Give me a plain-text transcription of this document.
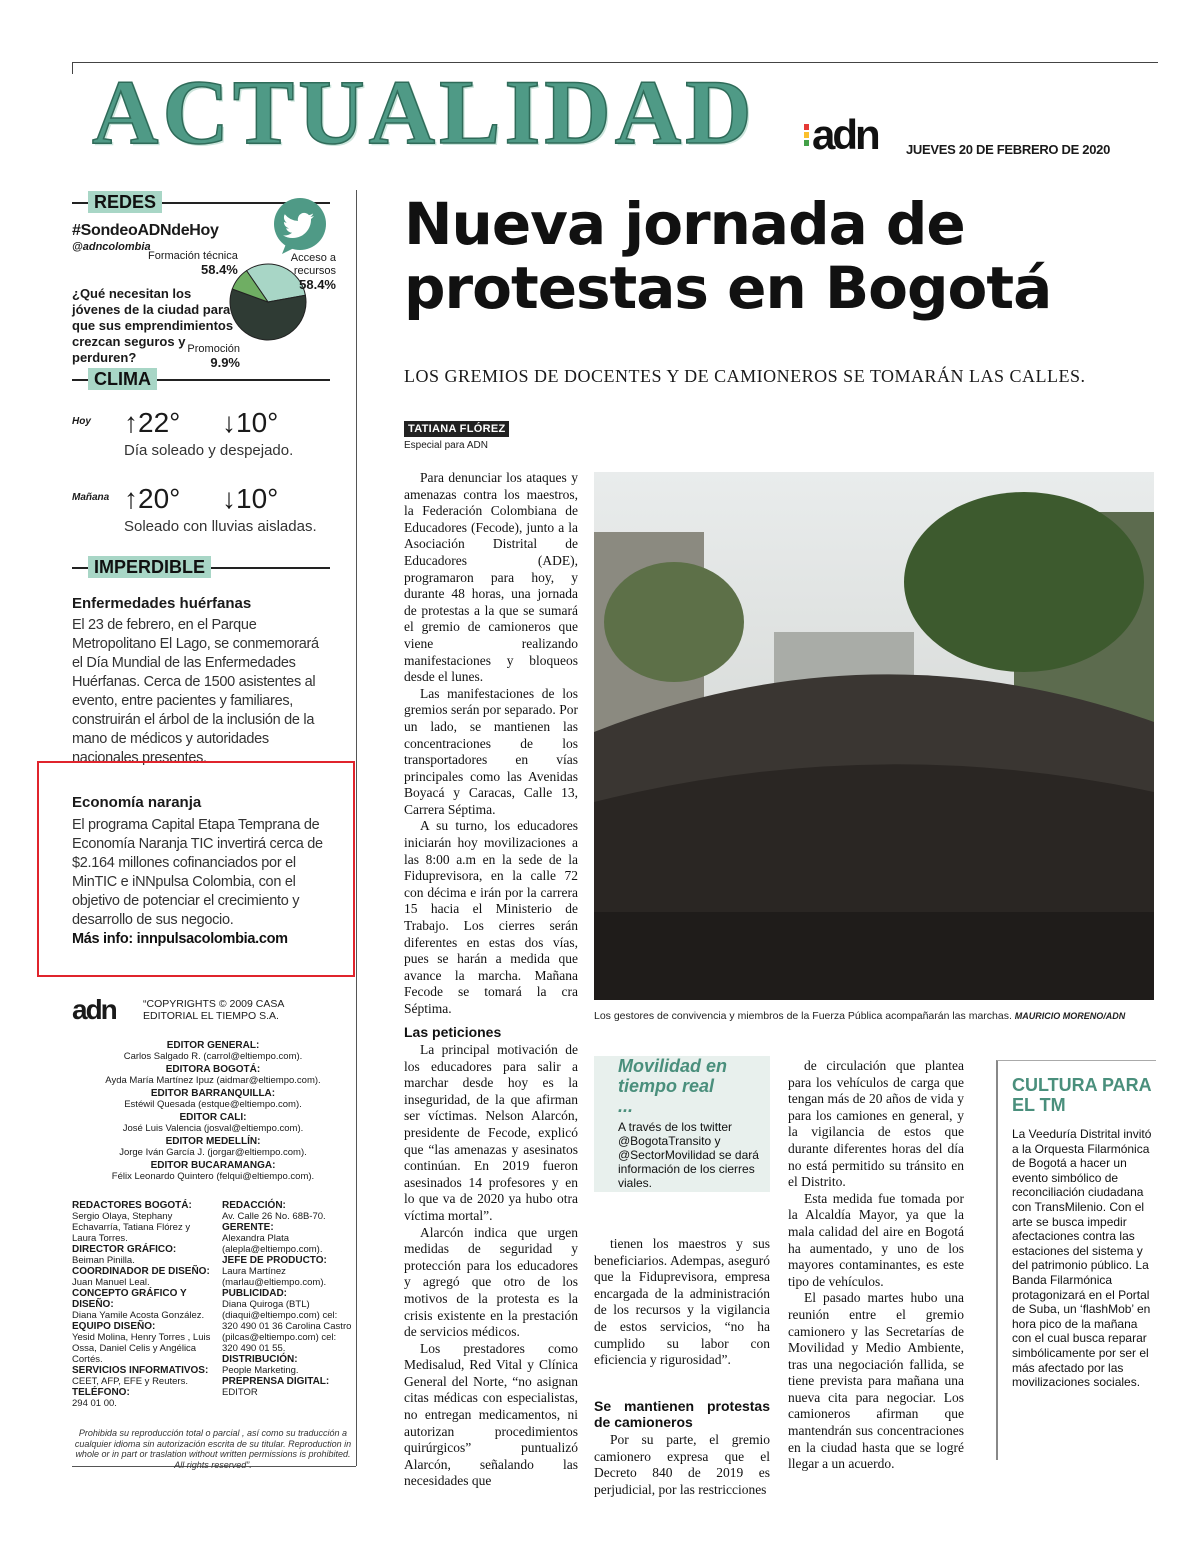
ACTUALIDAD adn JUEVES 20 DE FEBRERO DE 2020
REDES
#SondeoADNdeHoy
@adncolombia
¿Qué necesitan los jóvenes de la ciudad para que sus emprendimientos crezcan seguros y perduren?
Formación técnica
58.4%
Acceso a recursos
58.4%
Promoción
9.9%
CLIMA
Hoy ↑22° ↓10°
Día soleado y despejado.
Mañana ↑20° ↓10°
Soleado con lluvias aisladas.
IMPERDIBLE
Enfermedades huérfanas
El 23 de febrero, en el Parque Metropolitano El Lago, se conmemorará el Día Mundial de las Enfermedades Huérfanas. Cerca de 1500 asistentes al evento, entre pacientes y familiares, construirán el árbol de la inclusión de la mano de médicos y autoridades nacionales presentes.
Economía naranja
El programa Capital Etapa Temprana de Economía Naranja TIC invertirá cerca de $2.164 millones cofinanciados por el MinTIC e iNNpulsa Colombia, con el objetivo de potenciar el crecimiento y desarrollo de sus negocio.
Más info: innpulsacolombia.com
adn	“COPYRIGHTS © 2009 CASA EDITORIAL EL TIEMPO S.A.
EDITOR GENERAL:
Carlos Salgado R. (carrol@eltiempo.com).
EDITORA BOGOTÁ:
Ayda María Martínez Ipuz (aidmar@eltiempo.com).
EDITOR BARRANQUILLA:
Estéwil Quesada (estque@eltiempo.com).
EDITOR CALI:
José Luis Valencia (josval@eltiempo.com).
EDITOR MEDELLÍN:
Jorge Iván García J. (jorgar@eltiempo.com).
EDITOR BUCARAMANGA:
Félix Leonardo Quintero (felqui@eltiempo.com).
REDACTORES BOGOTÁ:
Sergio Olaya, Stephany Echavarría, Tatiana Flórez y Laura Torres.
DIRECTOR GRÁFICO:
Beiman Pinilla.
COORDINADOR DE DISEÑO:
Juan Manuel Leal.
CONCEPTO GRÁFICO Y DISEÑO:
Diana Yamile Acosta González.
EQUIPO DISEÑO:
Yesid Molina, Henry Torres , Luis Ossa, Daniel Celis y Angélica Cortés.
SERVICIOS INFORMATIVOS:
CEET, AFP, EFE y Reuters.
TELÉFONO:
294 01 00.
REDACCIÓN:
Av. Calle 26 No. 68B-70.
GERENTE:
Alexandra Plata (alepla@eltiempo.com).
JEFE DE PRODUCTO:
Laura Martínez (marlau@eltiempo.com).
PUBLICIDAD:
Diana Quiroga (BTL) (diaqui@eltiempo.com) cel: 320 490 01 36 Carolina Castro (pilcas@eltiempo.com) cel: 320 490 01 55.
DISTRIBUCIÓN:
People Marketing.
PREPRENSA DIGITAL:
EDITOR
Prohibida su reproducción total o parcial , así como su traducción a cualquier idioma sin autorización escrita de su titular. Reproduction in whole or in part or traslation without written permissions is prohibited. All rights reserved”.
Nueva jornada de protestas en Bogotá
LOS GREMIOS DE DOCENTES Y DE CAMIONEROS SE TOMARÁN LAS CALLES.
TATIANA FLÓREZ
Especial para ADN

Para denunciar los ataques y amenazas contra los maestros, la Federación Colombiana de Educadores (Fecode), junto a la Asociación Distrital de Educadores (ADE), programaron para hoy, y durante 48 horas, una jornada de protestas a la que se sumará el gremio de camioneros que viene realizando manifestaciones y bloqueos desde el lunes.

Las manifestaciones de los gremios serán por separado. Por un lado, se mantienen las concentraciones de los transportadores en vías principales como las Avenidas Boyacá y Caracas, Calle 13, Carrera Séptima.

A su turno, los educadores iniciarán hoy movilizaciones a las 8:00 a.m en la sede de la Fiduprevisora, en la calle 72 con décima e irán por la carrera 15 hacia el Ministerio de Trabajo. Los cierres serán diferentes en estas dos vías, pues se harán a medida que avance la marcha. Mañana Fecode se tomará la cra Séptima.

Las peticiones

La principal motivación de los educadores para salir a marchar desde hoy es la inseguridad, de la que afirman ser víctimas. Nelson Alarcón, presidente de Fecode, explicó que “las amenazas y asesinatos continúan. En 2019 fueron asesinados 14 profesores y en lo que va de 2020 ya hubo otra víctima mortal”.

Alarcón indica que urgen medidas de seguridad y protección para los educadores y agregó que otro de los motivos de la protesta es la crisis existente en la prestación de servicios médicos.

Los prestadores como Medisalud, Red Vital y Clínica General del Norte, “no asignan citas médicas con especialistas, no entregan medicamentos, ni autorizan procedimientos quirúrgicos” puntualizó Alarcón, señalando las necesidades que

Los gestores de convivencia y miembros de la Fuerza Pública acompañarán las marchas. MAURICIO MORENO/ADN
Movilidad en tiempo real
...
A través de los twitter @BogotaTransito y @SectorMovilidad se dará información de los cierres viales.

tienen los maestros y sus beneficiarios. Adempas, aseguró que la Fiduprevisora, empresa encargada de la administración de los recursos y la vigilancia de estos servicios, “no ha cumplido su labor con eficiencia y rigurosidad”.

Se mantienen protestas de camioneros

Por su parte, el gremio camionero expresa que el Decreto 840 de 2019 es perjudicial, por las restricciones

de circulación que plantea para los vehículos de carga que tengan más de 20 años de vida y para los camiones en general, y la vigilancia de estos que durante diferentes horas del día no está permitido su tránsito en el Distrito.

Esta medida fue tomada por la Alcaldía Mayor, ya que la mala calidad del aire en Bogotá ha aumentado, y uno de los mayores contaminantes, es este tipo de vehículos.

El pasado martes hubo una reunión entre el gremio camionero y las Secretarías de Movilidad y Medio Ambiente, tras una negociación fallida, se tiene prevista para mañana una nueva cita para negociar. Los camioneros afirman que mantendrán sus concentraciones en la ciudad hasta que se logré llegar a un acuerdo.

CULTURA PARA EL TM
La Veeduría Distrital invitó a la Orquesta Filarmónica de Bogotá a hacer un evento simbólico de reconciliación ciudadana con TransMilenio. Con el arte se busca impedir afectaciones contra las estaciones del sistema y del patrimonio público. La Banda Filarmónica protagonizará en el Portal de Suba, un ‘flashMob’ en hora pico de la mañana con el cual busca reparar simbólicamente por ser el más afectado por las movilizaciones sociales.
